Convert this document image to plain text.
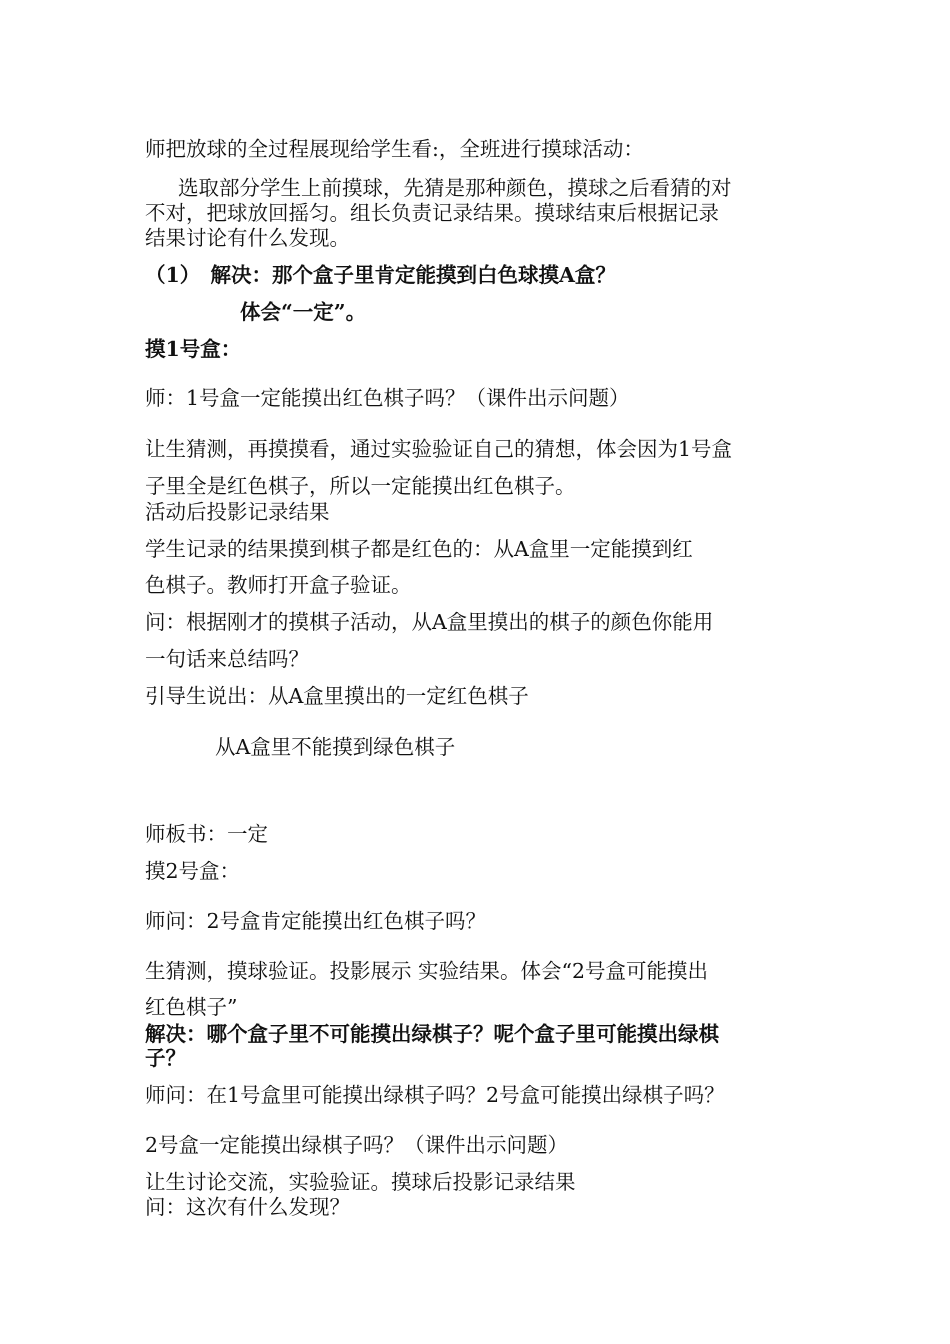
师把放球的全过程展现给学生看:，全班进行摸球活动：
选取部分学生上前摸球，先猜是那种颜色，摸球之后看猜的对
不对，把球放回摇匀。组长负责记录结果。摸球结束后根据记录
结果讨论有什么发现。
（1）　解决：那个盒子里肯定能摸到白色球摸A盒？
体会“一定”。
摸1号盒：
师：1号盒一定能摸出红色棋子吗？（课件出示问题）
让生猜测，再摸摸看，通过实验验证自己的猜想，体会因为1号盒
子里全是红色棋子，所以一定能摸出红色棋子。
活动后投影记录结果
学生记录的结果摸到棋子都是红色的：从A盒里一定能摸到红
色棋子。教师打开盒子验证。
问：根据刚才的摸棋子活动，从A盒里摸出的棋子的颜色你能用
一句话来总结吗？
引导生说出：从A盒里摸出的一定红色棋子
从A盒里不能摸到绿色棋子
师板书：一定
摸2号盒：
师问：2号盒肯定能摸出红色棋子吗？
生猜测，摸球验证。投影展示 实验结果。体会“2号盒可能摸出
红色棋子”
解决：哪个盒子里不可能摸出绿棋子？呢个盒子里可能摸出绿棋
子？
师问：在1号盒里可能摸出绿棋子吗？2号盒可能摸出绿棋子吗？
2号盒一定能摸出绿棋子吗？（课件出示问题）
让生讨论交流，实验验证。摸球后投影记录结果
问：这次有什么发现？
